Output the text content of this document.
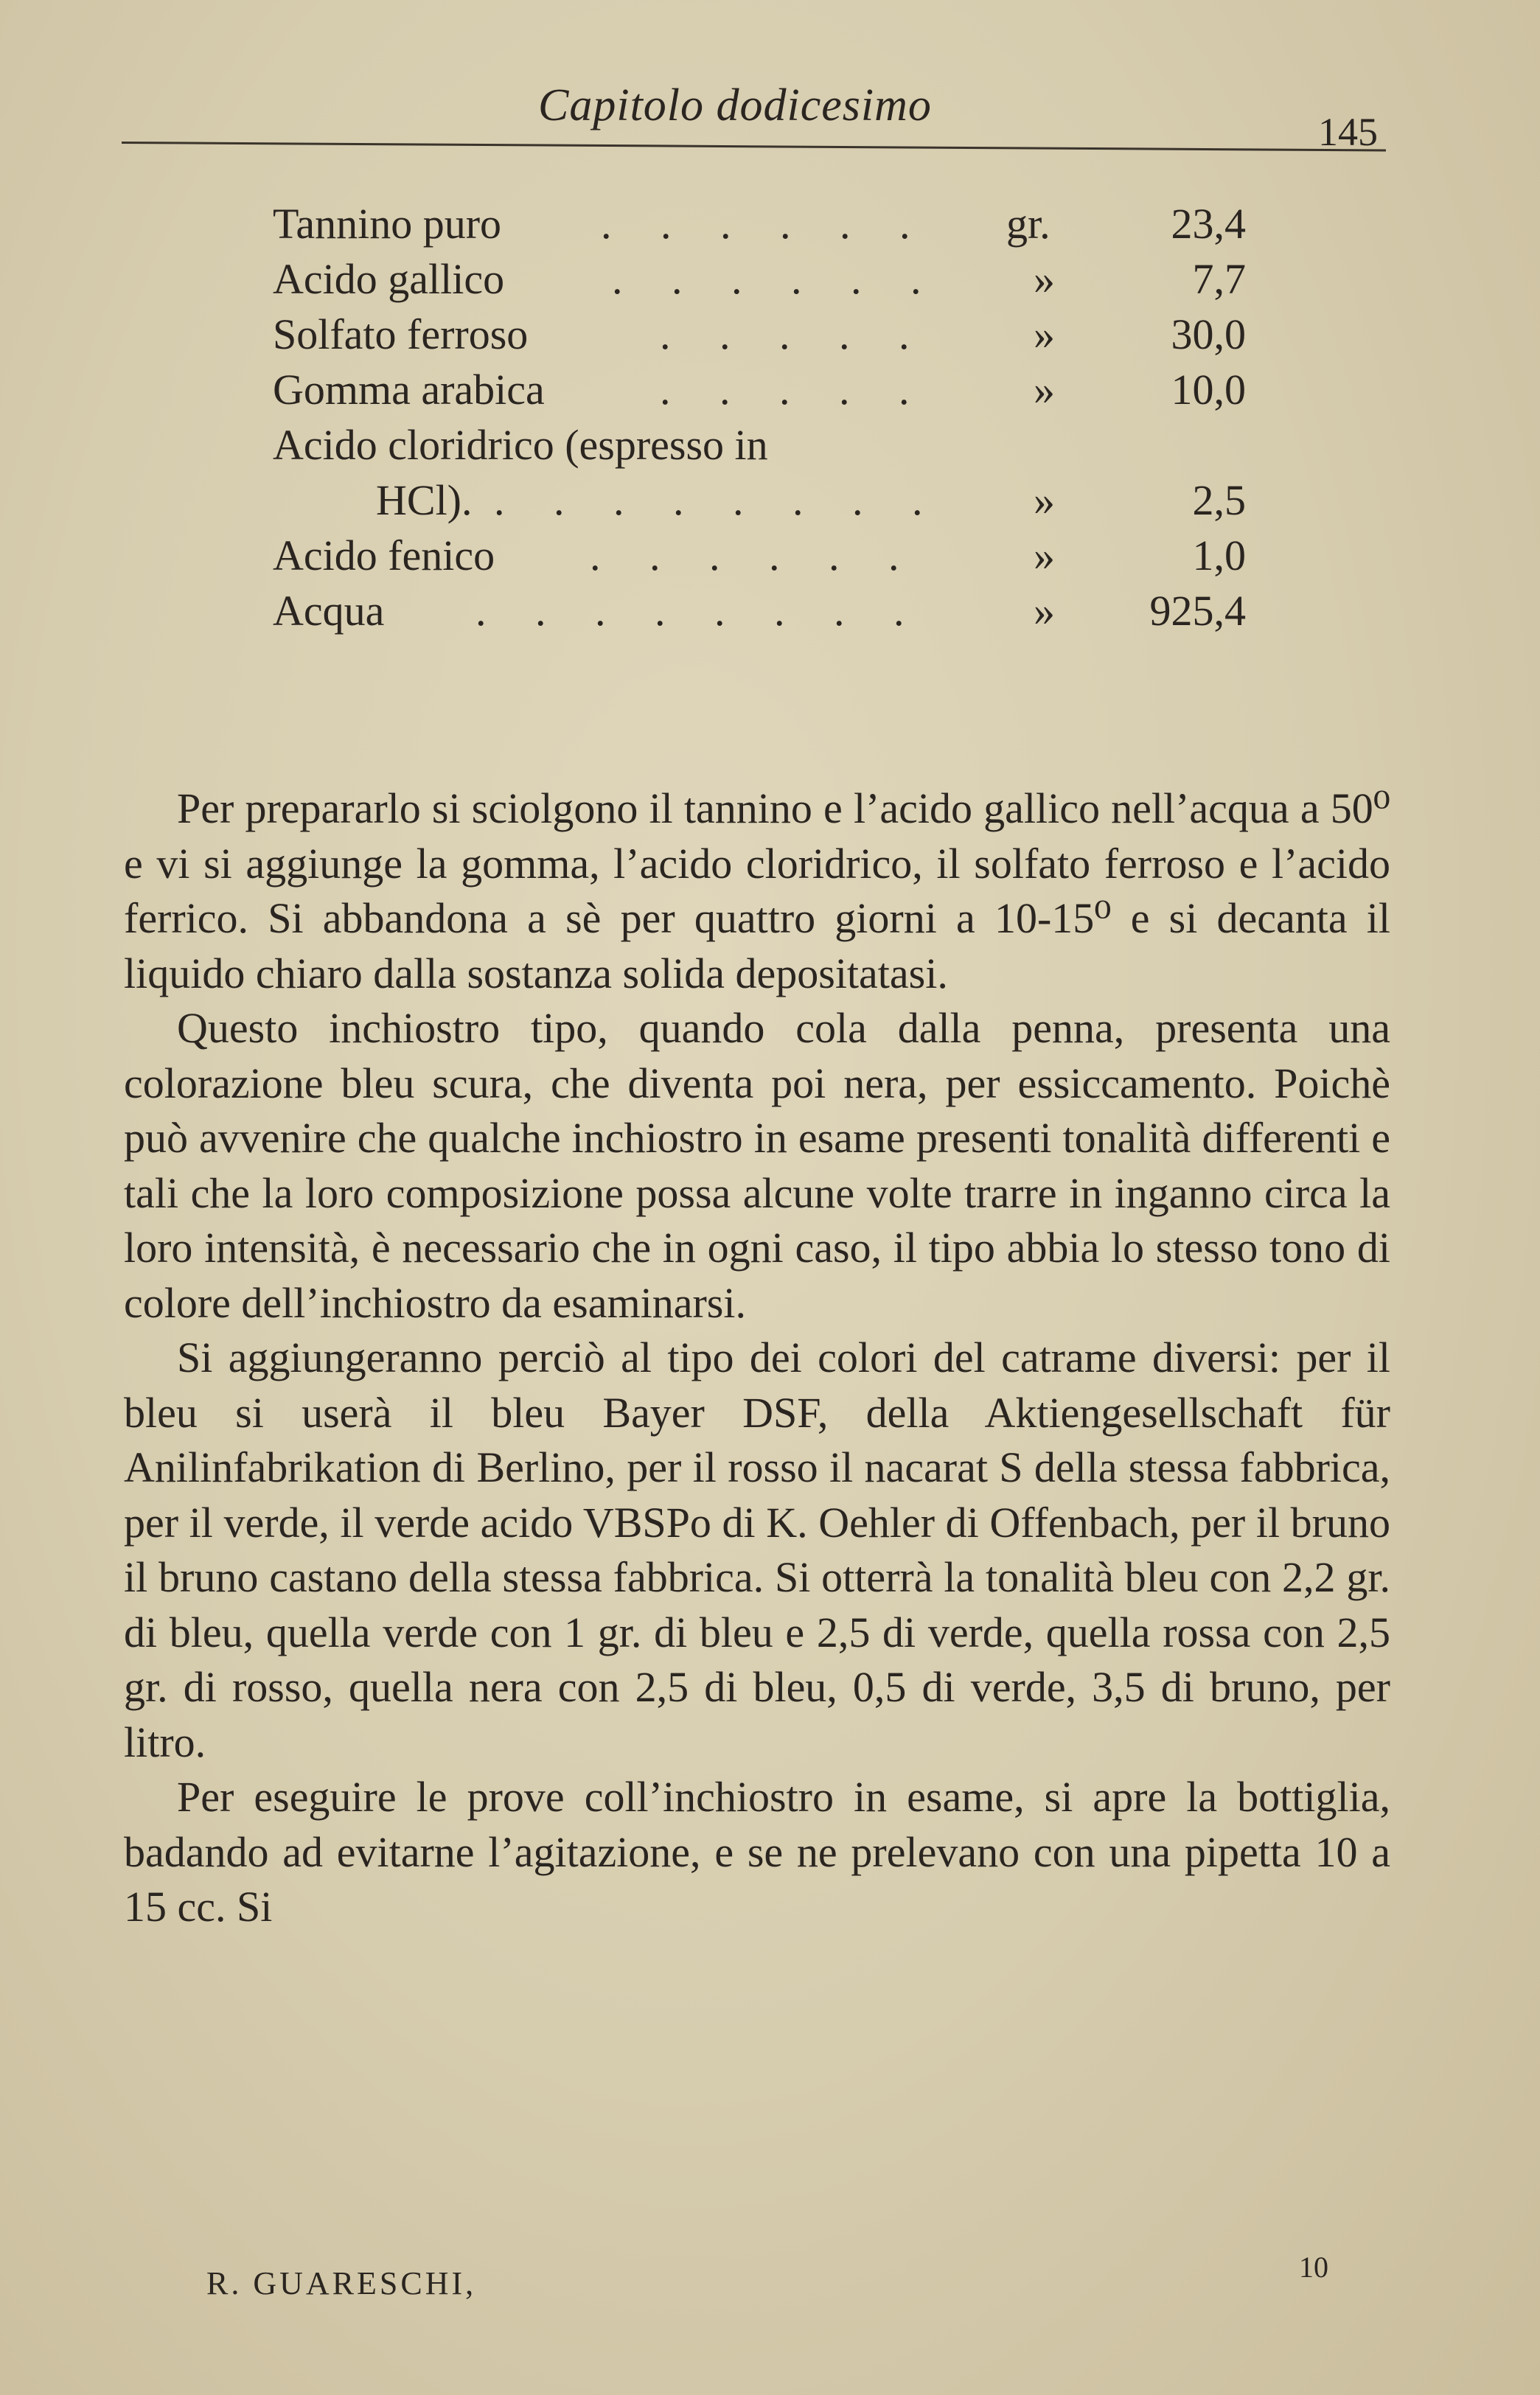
Capitolo dodicesimo
145
Tannino puro . . . . . . gr.	23,4
Acido gallico	. . . . . . »	7,7
Solfato ferroso	. . . . . »	30,0
Gomma arabica	. . . . . »	10,0
Acido cloridrico (espresso in
HCl). . . . . . . . . »	2,5
Acido fenico . . . . . .	»	1,0
Acqua . . . . . . . .	» 925,4

Per prepararlo si sciolgono il tannino e l’acido gallico nell’acqua a 50⁰ e vi si aggiunge la gomma, l’acido cloridrico, il solfato ferroso e l’acido ferrico. Si abbandona a sè per quattro giorni a 10-15⁰ e si decanta il liquido chiaro dalla sostanza solida depositatasi.

Questo inchiostro tipo, quando cola dalla penna, presenta una colorazione bleu scura, che diventa poi nera, per essiccamento. Poichè può avvenire che qualche inchiostro in esame presenti tonalità differenti e tali che la loro composizione possa alcune volte trarre in inganno circa la loro intensità, è necessario che in ogni caso, il tipo abbia lo stesso tono di colore dell’inchiostro da esaminarsi.

Si aggiungeranno perciò al tipo dei colori del catrame diversi: per il bleu si userà il bleu Bayer DSF, della Aktiengesellschaft für Anilinfabrikation di Berlino, per il rosso il nacarat S della stessa fabbrica, per il verde, il verde acido VBSPo di K. Oehler di Offenbach, per il bruno il bruno castano della stessa fabbrica. Si otterrà la tonalità bleu con 2,2 gr. di bleu, quella verde con 1 gr. di bleu e 2,5 di verde, quella rossa con 2,5 gr. di rosso, quella nera con 2,5 di bleu, 0,5 di verde, 3,5 di bruno, per litro.

Per eseguire le prove coll’inchiostro in esame, si apre la bottiglia, badando ad evitarne l’agitazione, e se ne prelevano con una pipetta 10 a 15 cc. Si

R. GUARESCHI,	10
